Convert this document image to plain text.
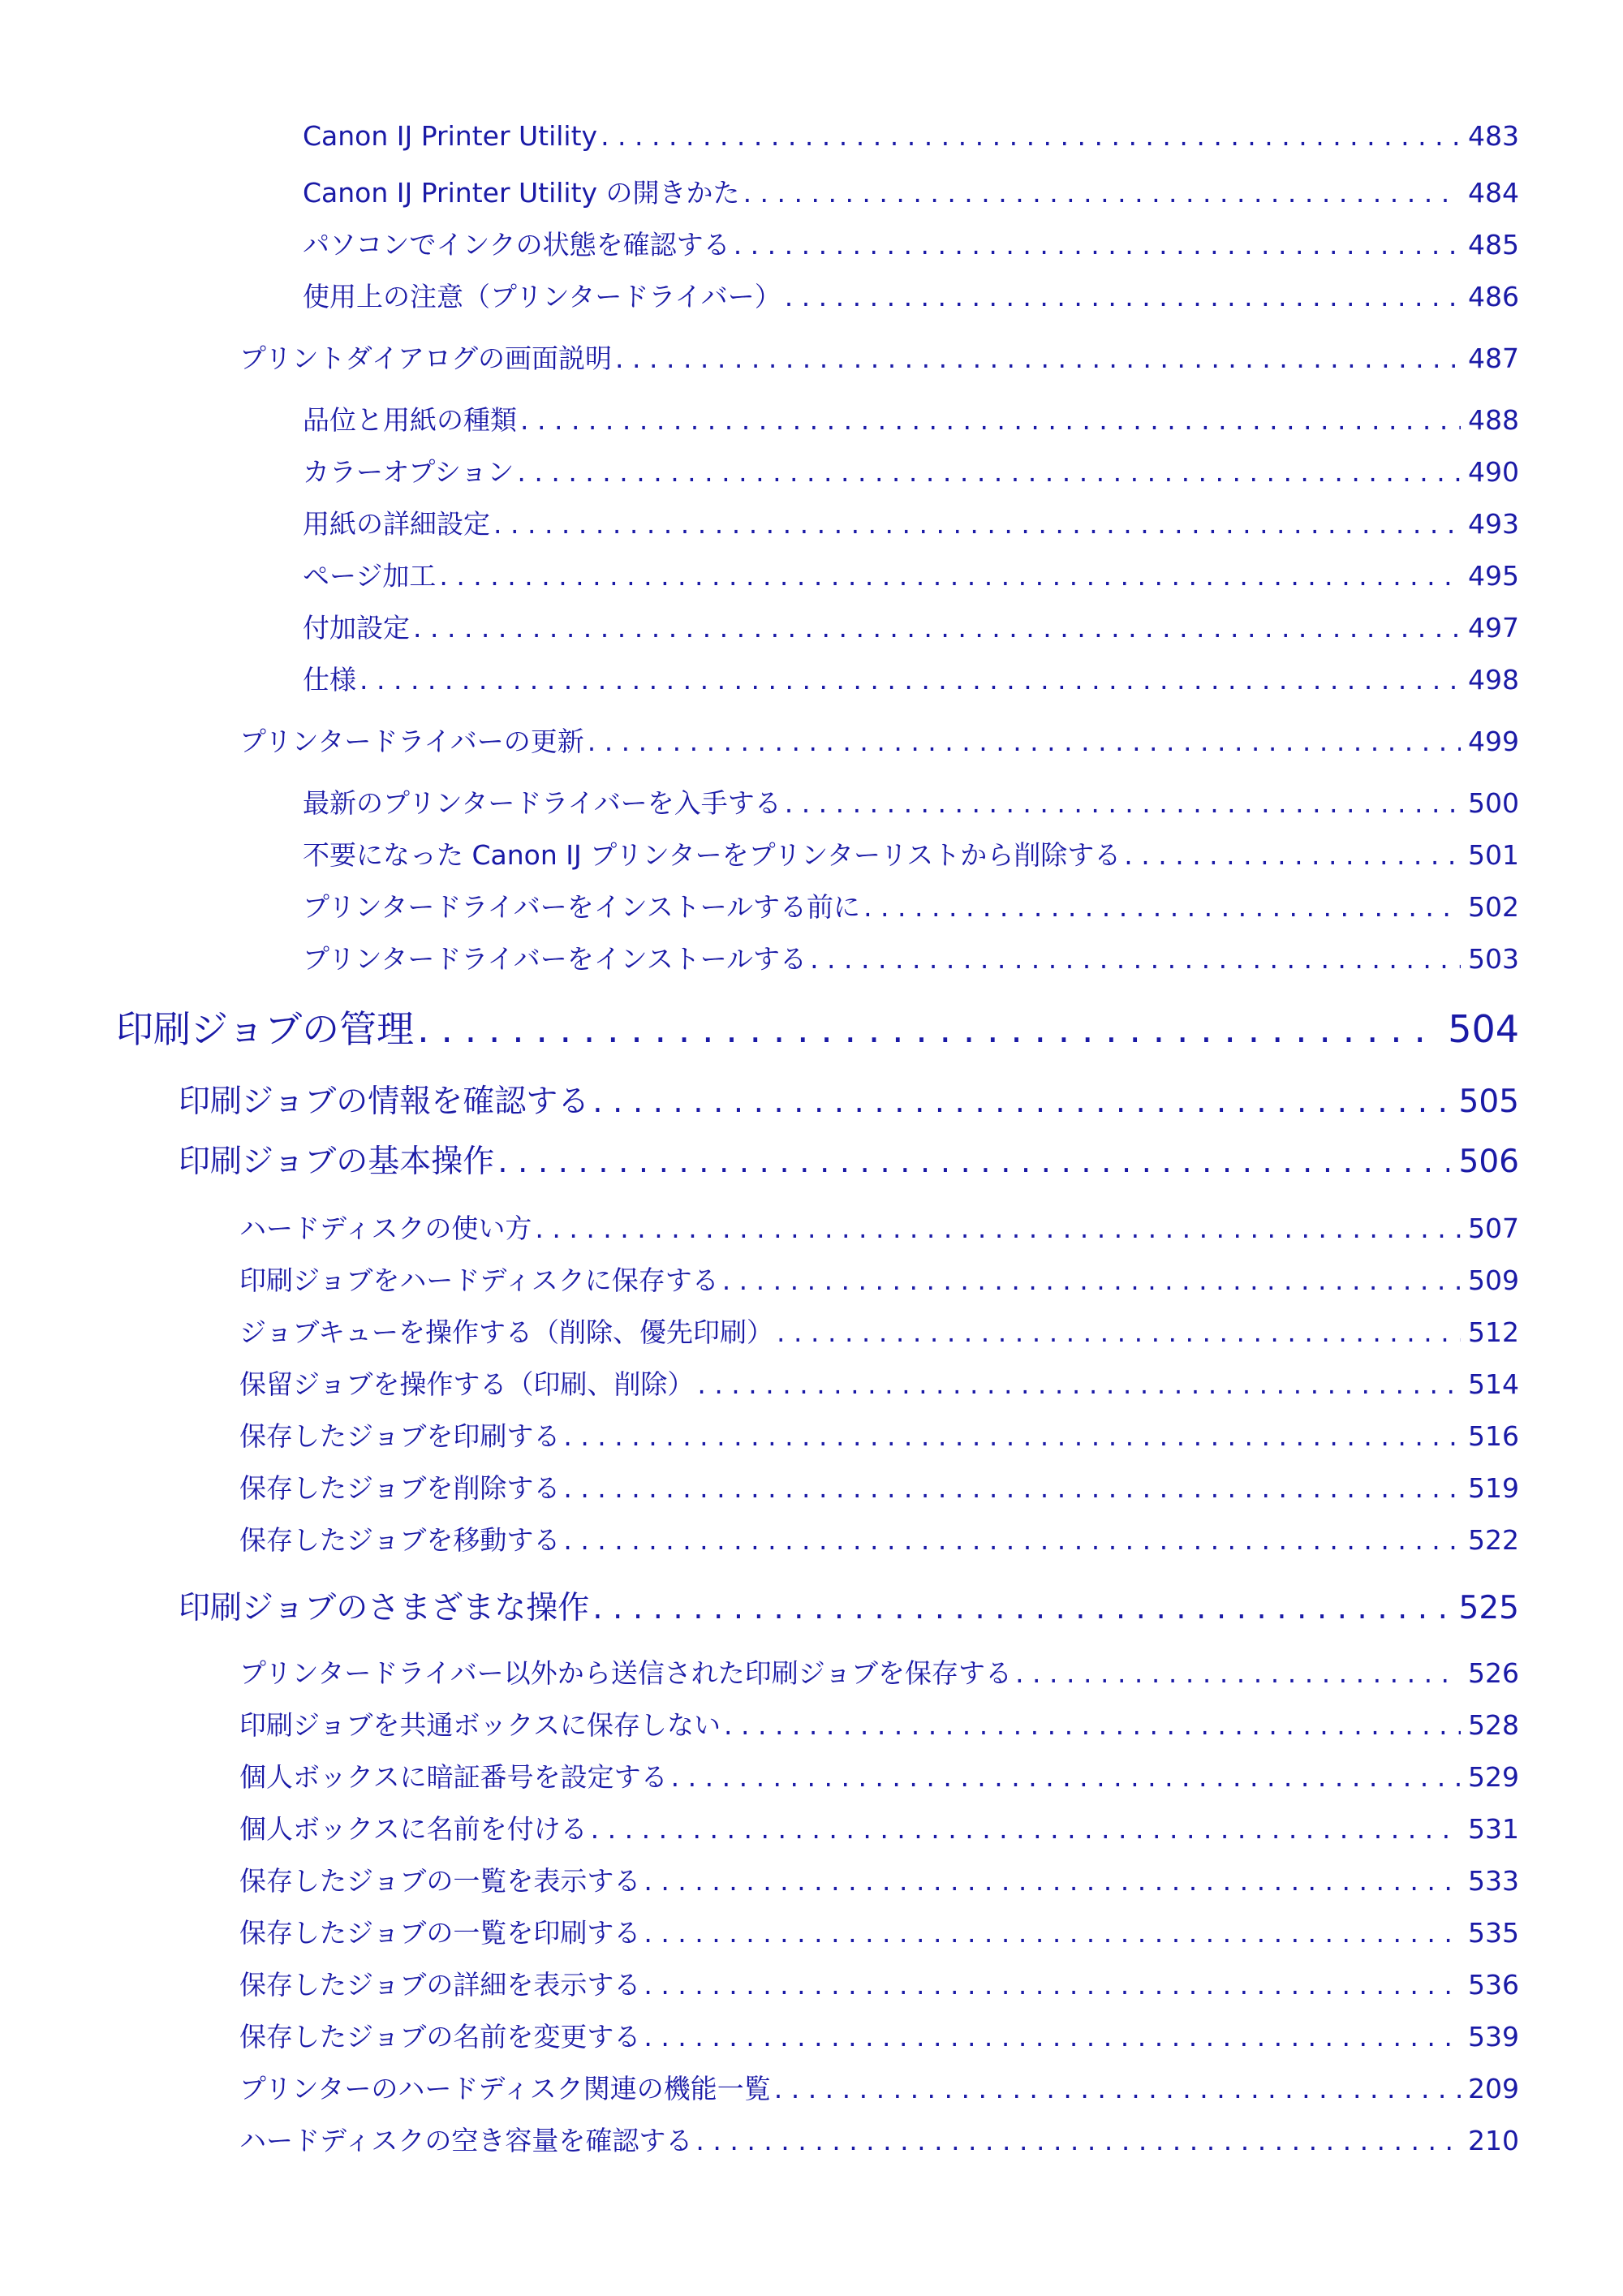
Canon IJ Printer Utility . . .	483
Canon IJ Printer Utility の開きかた . . .	484
パソコンでインクの状態を確認する . . .	485
使用上の注意（プリンタードライバー） . . .	486
プリントダイアログの画面説明 . . .	487
品位と用紙の種類 . . .	488
カラーオプション . . .	490
用紙の詳細設定 . . .	493
ページ加工 . . .	495
付加設定 . . .	497
仕様 . . .	498
プリンタードライバーの更新 . . .	499
最新のプリンタードライバーを入手する . . .	500
不要になった Canon IJ プリンターをプリンターリストから削除する . . .	501
プリンタードライバーをインストールする前に . . .	502
プリンタードライバーをインストールする . . .	503
印刷ジョブの管理 . . .	504
印刷ジョブの情報を確認する . . .	505
印刷ジョブの基本操作 . . .	506
ハードディスクの使い方 . . .	507
印刷ジョブをハードディスクに保存する . . .	509
ジョブキューを操作する（削除、優先印刷） . . .	512
保留ジョブを操作する（印刷、削除） . . .	514
保存したジョブを印刷する . . .	516
保存したジョブを削除する . . .	519
保存したジョブを移動する . . .	522
印刷ジョブのさまざまな操作 . . .	525
プリンタードライバー以外から送信された印刷ジョブを保存する . . .	526
印刷ジョブを共通ボックスに保存しない . . .	528
個人ボックスに暗証番号を設定する . . .	529
個人ボックスに名前を付ける . . .	531
保存したジョブの一覧を表示する . . .	533
保存したジョブの一覧を印刷する . . .	535
保存したジョブの詳細を表示する . . .	536
保存したジョブの名前を変更する . . .	539
プリンターのハードディスク関連の機能一覧 . . .	209
ハードディスクの空き容量を確認する . . .	210
